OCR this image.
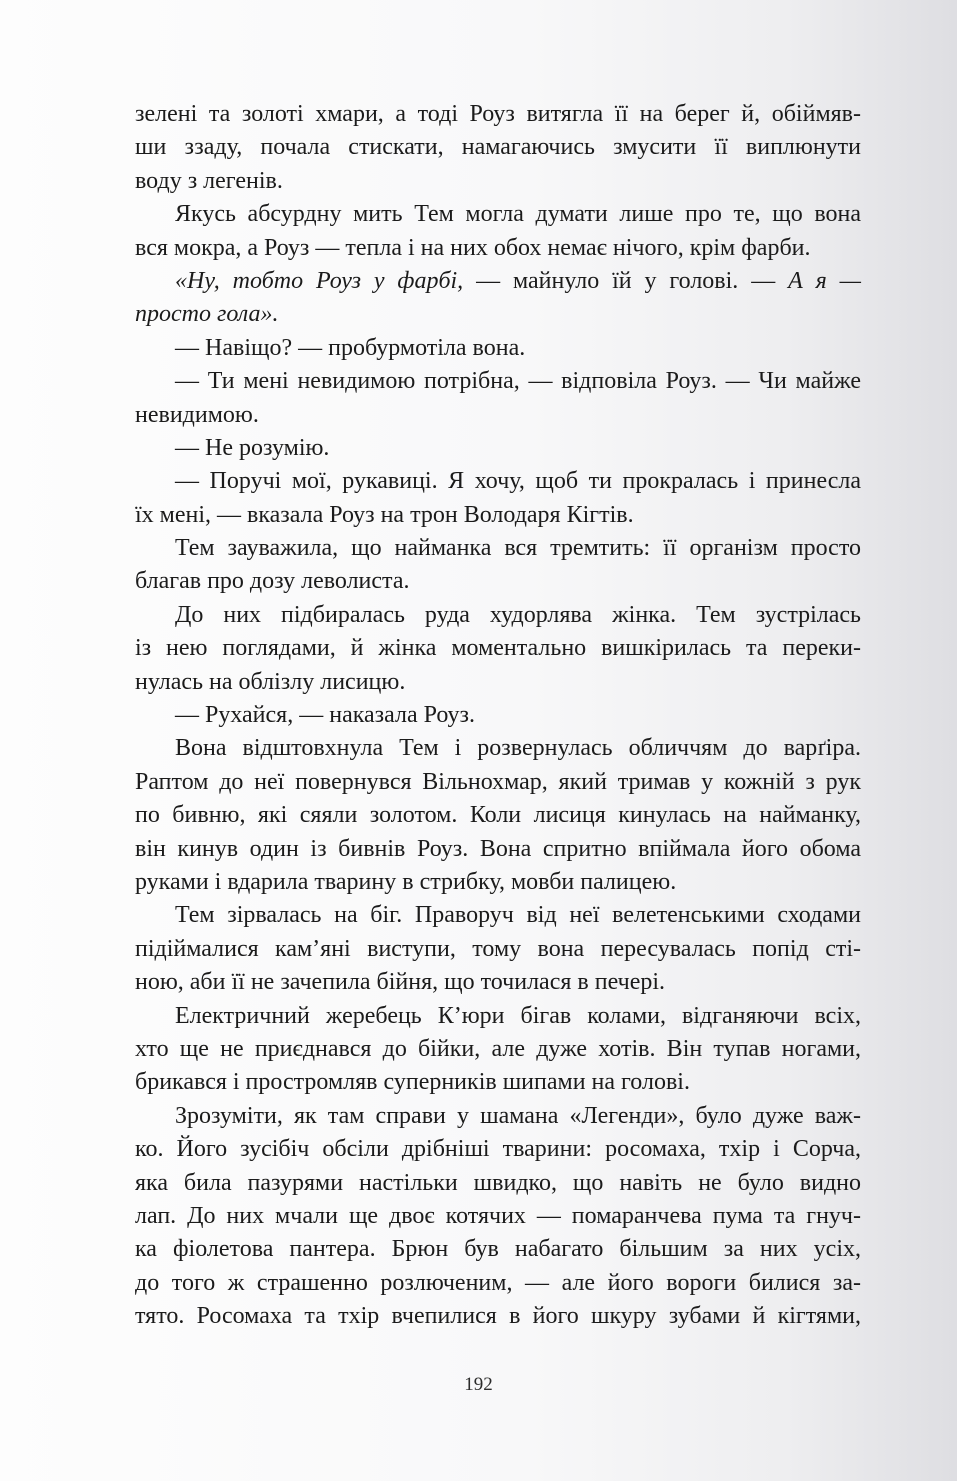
зелені та золоті хмари, а тоді Роуз витягла її на берег й, обіймяв-
ши ззаду, почала стискати, намагаючись змусити її виплюнути
воду з легенів.
Якусь абсурдну мить Тем могла думати лише про те, що вона
вся мокра, а Роуз — тепла і на них обох немає нічого, крім фарби.
«Ну, тобто Роуз у фарбі, — майнуло їй у голові. — А я —
просто гола».
— Навіщо? — пробурмотіла вона.
— Ти мені невидимою потрібна, — відповіла Роуз. — Чи майже
невидимою.
— Не розумію.
— Поручі мої, рукавиці. Я хочу, щоб ти прокралась і принесла
їх мені, — вказала Роуз на трон Володаря Кігтів.
Тем зауважила, що найманка вся тремтить: її організм просто
благав про дозу леволиста.
До них підбиралась руда худорлява жінка. Тем зустрілась
із нею поглядами, й жінка моментально вишкірилась та переки-
нулась на облізлу лисицю.
— Рухайся, — наказала Роуз.
Вона відштовхнула Тем і розвернулась обличчям до варґіра.
Раптом до неї повернувся Вільнохмар, який тримав у кожній з рук
по бивню, які сяяли золотом. Коли лисиця кинулась на найманку,
він кинув один із бивнів Роуз. Вона спритно впіймала його обома
руками і вдарила тварину в стрибку, мовби палицею.
Тем зірвалась на біг. Праворуч від неї велетенськими сходами
підіймалися кам’яні виступи, тому вона пересувалась попід сті-
ною, аби її не зачепила бійня, що точилася в печері.
Електричний жеребець К’юри бігав колами, відганяючи всіх,
хто ще не приєднався до бійки, але дуже хотів. Він тупав ногами,
брикався і простромляв суперників шипами на голові.
Зрозуміти, як там справи у шамана «Легенди», було дуже важ-
ко. Його зусібіч обсіли дрібніші тварини: росомаха, тхір і Сорча,
яка била пазурями настільки швидко, що навіть не було видно
лап. До них мчали ще двоє котячих — помаранчева пума та гнуч-
ка фіолетова пантера. Брюн був набагато більшим за них усіх,
до того ж страшенно розлюченим, — але його вороги билися за-
тято. Росомаха та тхір вчепилися в його шкуру зубами й кігтями,
192
